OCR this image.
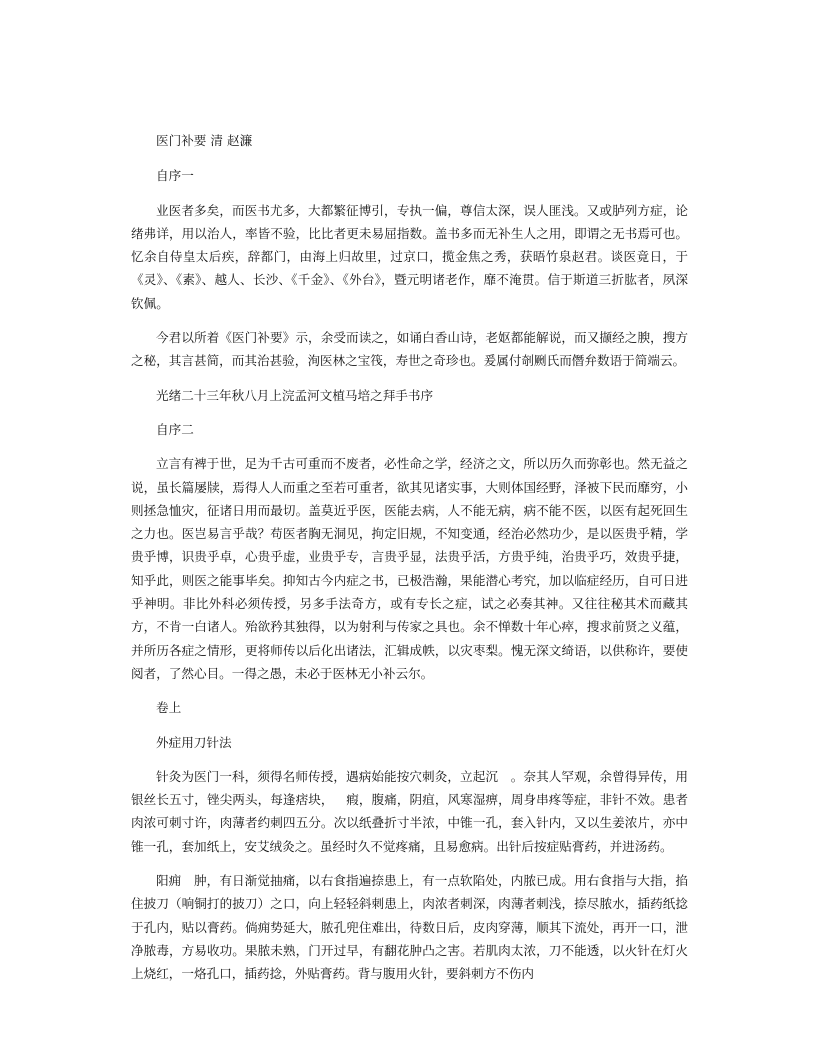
医门补要 清 赵濂
自序一

业医者多矣，而医书尤多，大都繁征博引，专执一偏，尊信太深，误人匪浅。又或胪列方症，论绪弗详，用以治人，率皆不验，比比者更未易屈指数。盖书多而无补生人之用，即谓之无书焉可也。忆余自侍皇太后疾，辞都门，由海上归故里，过京口，揽金焦之秀，获晤竹泉赵君。谈医竟日，于《灵》、《素》、越人、长沙、《千金》、《外台》，暨元明诸老作，靡不淹贯。信于斯道三折肱者，夙深钦佩。

今君以所着《医门补要》示，余受而读之，如诵白香山诗，老妪都能解说，而又撷经之腴，搜方之秘，其言甚简，而其治甚验，洵医林之宝筏，寿世之奇珍也。爰属付剞劂氏而僭弁数语于简端云。

光绪二十三年秋八月上浣孟河文植马培之拜手书序
自序二

立言有裨于世，足为千古可重而不废者，必性命之学，经济之文，所以历久而弥彰也。然无益之说，虽长篇屡牍，焉得人人而重之至若可重者，欲其见诸实事，大则体国经野，泽被下民而靡穷，小则拯急恤灾，征诸日用而最切。盖莫近乎医，医能去病，人不能无病，病不能不医，以医有起死回生之力也。医岂易言乎哉？苟医者胸无洞见，拘定旧规，不知变通，经治必然功少，是以医贵乎精，学贵乎博，识贵乎卓，心贵乎虚，业贵乎专，言贵乎显，法贵乎活，方贵乎纯，治贵乎巧，效贵乎捷，知乎此，则医之能事毕矣。抑知古今内症之书，已极浩瀚，果能潜心考究，加以临症经历，自可日进乎神明。非比外科必须传授，另多手法奇方，或有专长之症，试之必奏其神。又往往秘其术而藏其方，不肯一白诸人。殆欲矜其独得，以为射利与传家之具也。余不惮数十年心瘁，搜求前贤之义蕴，并所历各症之情形，更将师传以后化出诸法，汇辑成帙，以灾枣梨。愧无深文绮语，以供称许，要使阅者，了然心目。一得之愚，未必于医林无小补云尔。

卷上
外症用刀针法

针灸为医门一科，须得名师传授，遇病始能按穴刺灸，立起沉 。奈其人罕观，余曾得异传，用银丝长五寸，锉尖两头，每逢痞块， 瘕，腹痛，阴疽，风寒湿痹，周身串疼等症，非针不效。患者肉浓可刺寸许，肉薄者约刺四五分。次以纸叠折寸半浓，中锥一孔，套入针内，又以生姜浓片，亦中锥一孔，套加纸上，安艾绒灸之。虽经时久不觉疼痛，且易愈病。出针后按症贴膏药，并进汤药。

阳痈 肿，有日渐觉抽痛，以右食指遍捺患上，有一点软陷处，内脓已成。用右食指与大指，掐住披刀（响铜打的披刀）之口，向上轻轻斜刺患上，肉浓者刺深，肉薄者刺浅，捺尽脓水，插药纸捻于孔内，贴以膏药。倘痈势延大，脓孔兜住难出，待数日后，皮肉穿薄，顺其下流处，再开一口，泄净脓毒，方易收功。果脓未熟，门开过早，有翻花肿凸之害。若肌肉太浓，刀不能透，以火针在灯火上烧红，一烙孔口，插药捻，外贴膏药。背与腹用火针，要斜刺方不伤内
